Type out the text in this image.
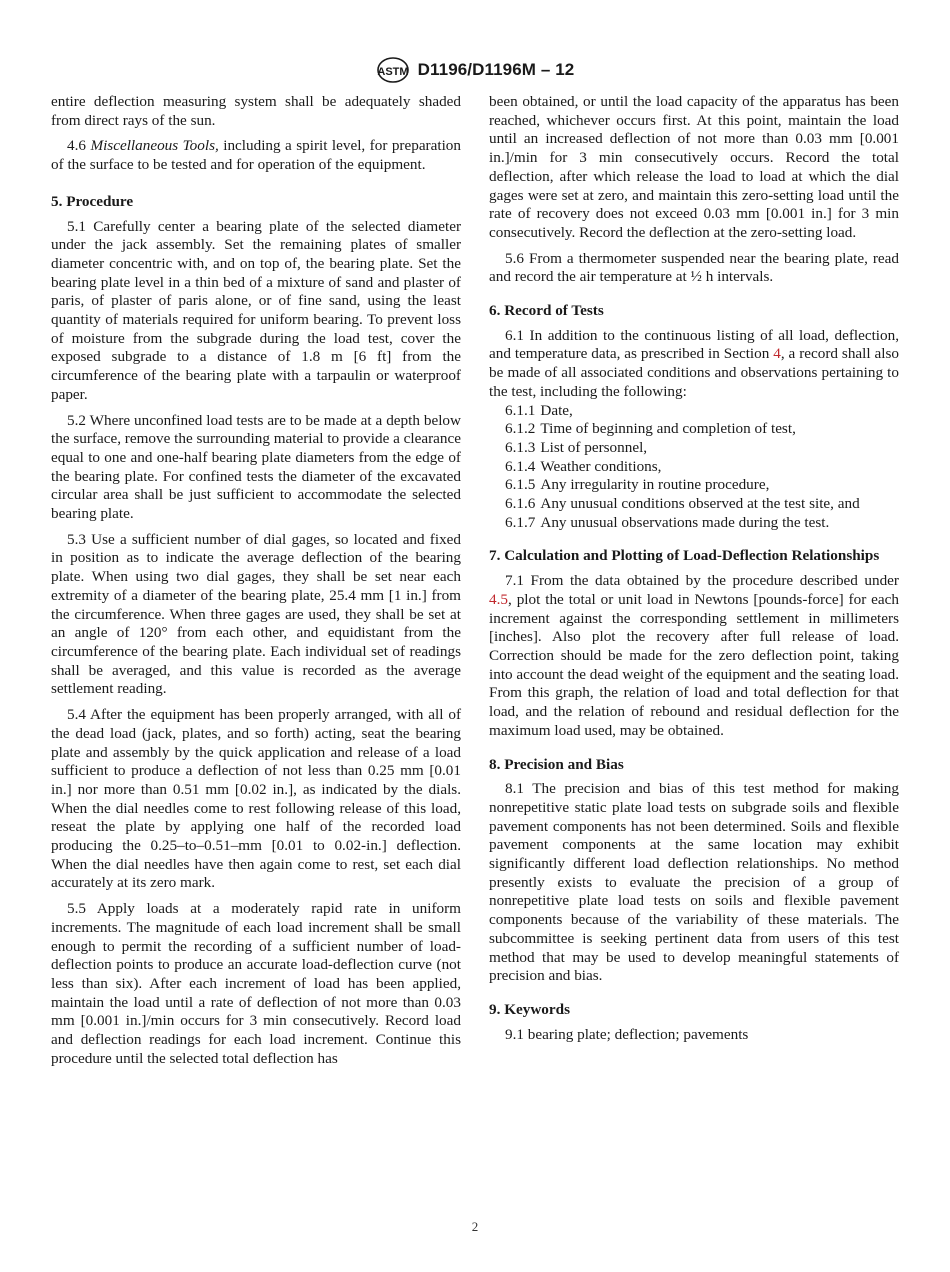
ASTM D1196/D1196M – 12

entire deflection measuring system shall be adequately shaded from direct rays of the sun.

4.6 Miscellaneous Tools, including a spirit level, for preparation of the surface to be tested and for operation of the equipment.

5. Procedure

5.1 Carefully center a bearing plate of the selected diameter under the jack assembly. Set the remaining plates of smaller diameter concentric with, and on top of, the bearing plate. Set the bearing plate level in a thin bed of a mixture of sand and plaster of paris, of plaster of paris alone, or of fine sand, using the least quantity of materials required for uniform bearing. To prevent loss of moisture from the subgrade during the load test, cover the exposed subgrade to a distance of 1.8 m [6 ft] from the circumference of the bearing plate with a tarpaulin or waterproof paper.

5.2 Where unconfined load tests are to be made at a depth below the surface, remove the surrounding material to provide a clearance equal to one and one-half bearing plate diameters from the edge of the bearing plate. For confined tests the diameter of the excavated circular area shall be just sufficient to accommodate the selected bearing plate.

5.3 Use a sufficient number of dial gages, so located and fixed in position as to indicate the average deflection of the bearing plate. When using two dial gages, they shall be set near each extremity of a diameter of the bearing plate, 25.4 mm [1 in.] from the circumference. When three gages are used, they shall be set at an angle of 120° from each other, and equidistant from the circumference of the bearing plate. Each individual set of readings shall be averaged, and this value is recorded as the average settlement reading.

5.4 After the equipment has been properly arranged, with all of the dead load (jack, plates, and so forth) acting, seat the bearing plate and assembly by the quick application and release of a load sufficient to produce a deflection of not less than 0.25 mm [0.01 in.] nor more than 0.51 mm [0.02 in.], as indicated by the dials. When the dial needles come to rest following release of this load, reseat the plate by applying one half of the recorded load producing the 0.25–to–0.51–mm [0.01 to 0.02-in.] deflection. When the dial needles have then again come to rest, set each dial accurately at its zero mark.

5.5 Apply loads at a moderately rapid rate in uniform increments. The magnitude of each load increment shall be small enough to permit the recording of a sufficient number of load-deflection points to produce an accurate load-deflection curve (not less than six). After each increment of load has been applied, maintain the load until a rate of deflection of not more than 0.03 mm [0.001 in.]/min occurs for 3 min consecutively. Record load and deflection readings for each load increment. Continue this procedure until the selected total deflection has

been obtained, or until the load capacity of the apparatus has been reached, whichever occurs first. At this point, maintain the load until an increased deflection of not more than 0.03 mm [0.001 in.]/min for 3 min consecutively occurs. Record the total deflection, after which release the load to load at which the dial gages were set at zero, and maintain this zero-setting load until the rate of recovery does not exceed 0.03 mm [0.001 in.] for 3 min consecutively. Record the deflection at the zero-setting load.

5.6 From a thermometer suspended near the bearing plate, read and record the air temperature at ½ h intervals.

6. Record of Tests

6.1 In addition to the continuous listing of all load, deflection, and temperature data, as prescribed in Section 4, a record shall also be made of all associated conditions and observations pertaining to the test, including the following:

6.1.1 Date,
6.1.2 Time of beginning and completion of test,
6.1.3 List of personnel,
6.1.4 Weather conditions,
6.1.5 Any irregularity in routine procedure,
6.1.6 Any unusual conditions observed at the test site, and
6.1.7 Any unusual observations made during the test.
7. Calculation and Plotting of Load-Deflection Relationships

7.1 From the data obtained by the procedure described under 4.5, plot the total or unit load in Newtons [pounds-force] for each increment against the corresponding settlement in millimeters [inches]. Also plot the recovery after full release of load. Correction should be made for the zero deflection point, taking into account the dead weight of the equipment and the seating load. From this graph, the relation of load and total deflection for that load, and the relation of rebound and residual deflection for the maximum load used, may be obtained.

8. Precision and Bias

8.1 The precision and bias of this test method for making nonrepetitive static plate load tests on subgrade soils and flexible pavement components has not been determined. Soils and flexible pavement components at the same location may exhibit significantly different load deflection relationships. No method presently exists to evaluate the precision of a group of nonrepetitive plate load tests on soils and flexible pavement components because of the variability of these materials. The subcommittee is seeking pertinent data from users of this test method that may be used to develop meaningful statements of precision and bias.

9. Keywords

9.1 bearing plate; deflection; pavements

2
